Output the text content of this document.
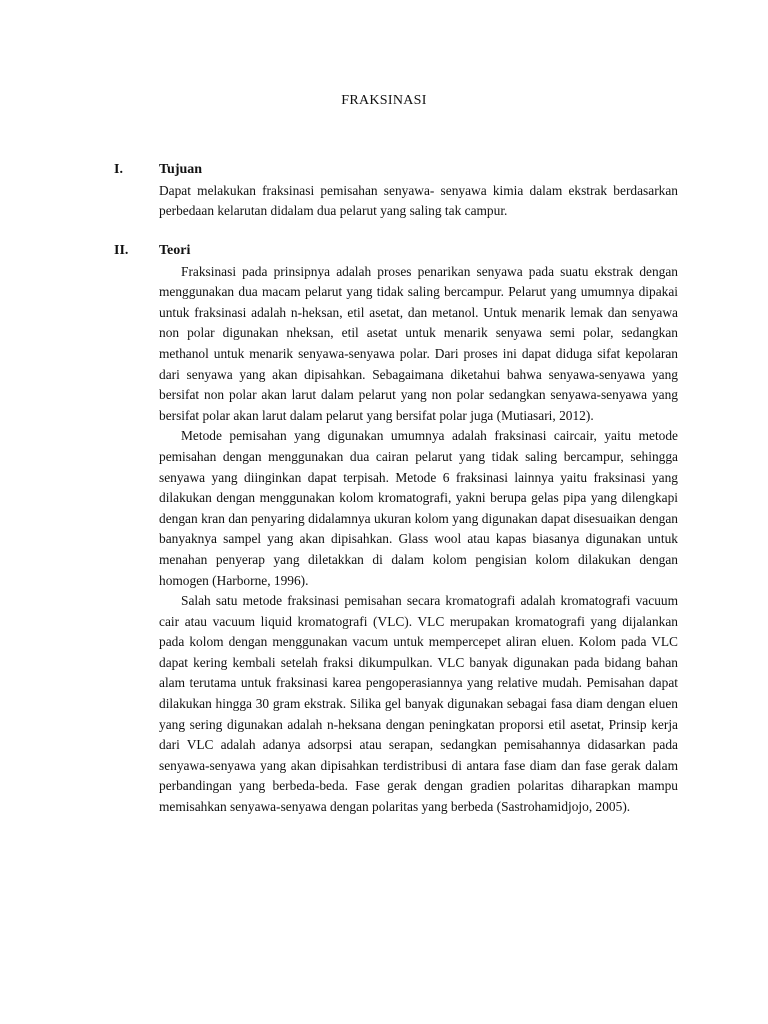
FRAKSINASI
I.	Tujuan

Dapat melakukan fraksinasi pemisahan senyawa- senyawa kimia dalam ekstrak berdasarkan perbedaan kelarutan didalam dua pelarut yang saling tak campur.

II. Teori

Fraksinasi pada prinsipnya adalah proses penarikan senyawa pada suatu ekstrak dengan menggunakan dua macam pelarut yang tidak saling bercampur. Pelarut yang umumnya dipakai untuk fraksinasi adalah n-heksan, etil asetat, dan metanol. Untuk menarik lemak dan senyawa non polar digunakan nheksan, etil asetat untuk menarik senyawa semi polar, sedangkan methanol untuk menarik senyawa-senyawa polar. Dari proses ini dapat diduga sifat kepolaran dari senyawa yang akan dipisahkan. Sebagaimana diketahui bahwa senyawa-senyawa yang bersifat non polar akan larut dalam pelarut yang non polar sedangkan senyawa-senyawa yang bersifat polar akan larut dalam pelarut yang bersifat polar juga (Mutiasari, 2012).

Metode pemisahan yang digunakan umumnya adalah fraksinasi caircair, yaitu metode pemisahan dengan menggunakan dua cairan pelarut yang tidak saling bercampur, sehingga senyawa yang diinginkan dapat terpisah. Metode 6 fraksinasi lainnya yaitu fraksinasi yang dilakukan dengan menggunakan kolom kromatografi, yakni berupa gelas pipa yang dilengkapi dengan kran dan penyaring didalamnya ukuran kolom yang digunakan dapat disesuaikan dengan banyaknya sampel yang akan dipisahkan. Glass wool atau kapas biasanya digunakan untuk menahan penyerap yang diletakkan di dalam kolom pengisian kolom dilakukan dengan homogen (Harborne, 1996).

Salah satu metode fraksinasi pemisahan secara kromatografi adalah kromatografi vacuum cair atau vacuum liquid kromatografi (VLC). VLC merupakan kromatografi yang dijalankan pada kolom dengan menggunakan vacum untuk mempercepet aliran eluen. Kolom pada VLC dapat kering kembali setelah fraksi dikumpulkan. VLC banyak digunakan pada bidang bahan alam terutama untuk fraksinasi karea pengoperasiannya yang relative mudah. Pemisahan dapat dilakukan hingga 30 gram ekstrak. Silika gel banyak digunakan sebagai fasa diam dengan eluen yang sering digunakan adalah n-heksana dengan peningkatan proporsi etil asetat, Prinsip kerja dari VLC adalah adanya adsorpsi atau serapan, sedangkan pemisahannya didasarkan pada senyawa-senyawa yang akan dipisahkan terdistribusi di antara fase diam dan fase gerak dalam perbandingan yang berbeda-beda. Fase gerak dengan gradien polaritas diharapkan mampu memisahkan senyawa-senyawa dengan polaritas yang berbeda (Sastrohamidjojo, 2005).
